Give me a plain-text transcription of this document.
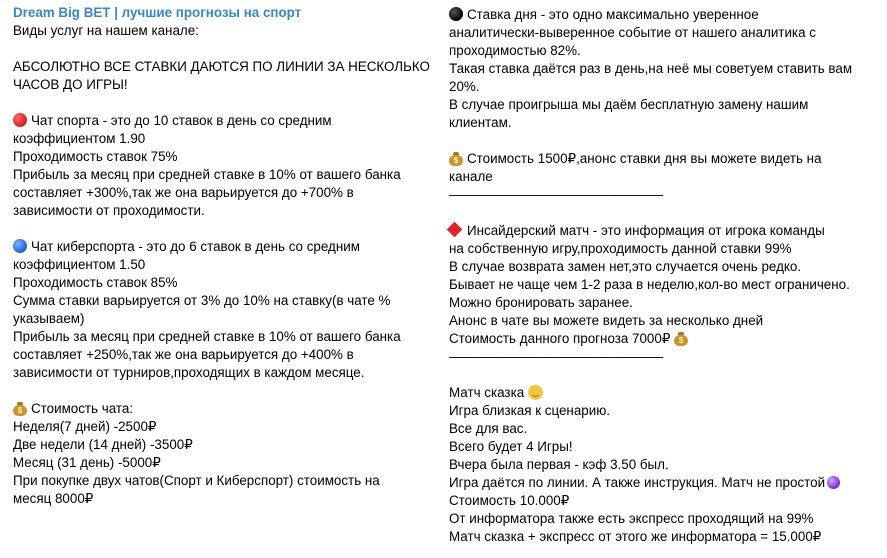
Dream Big BET | лучшие прогнозы на спорт
Виды услуг на нашем канале:
АБСОЛЮТНО ВСЕ СТАВКИ ДАЮТСЯ ПО ЛИНИИ ЗА НЕСКОЛЬКО
ЧАСОВ ДО ИГРЫ!
Чат спорта - это до 10 ставок в день со средним
коэффициентом 1.90
Проходимость ставок 75%
Прибыль за месяц при средней ставке в 10% от вашего банка
составляет +300%,так же она варьируется до +700% в
зависимости от проходимости.
Чат киберспорта - это до 6 ставок в день со средним
коэффициентом 1.50
Проходимость ставок 85%
Сумма ставки варьируется от 3% до 10% на ставку(в чате %
указываем)
Прибыль за месяц при средней ставке в 10% от вашего банка
составляет +250%,так же она варьируется до +400% в
зависимости от турниров,проходящих в каждом месяце.
$ Стоимость чата:
Неделя(7 дней) -2500₽
Две недели (14 дней) -3500₽
Месяц (31 день) -5000₽
При покупке двух чатов(Спорт и Киберспорт) стоимость на
месяц 8000₽
Ставка дня - это одно максимально уверенное
аналитически-выверенное событие от нашего аналитика с
проходимостью 82%.
Такая ставка даётся раз в день,на неё мы советуем ставить вам
20%.
В случае проигрыша мы даём бесплатную замену нашим
клиентам.
$ Стоимость 1500₽,анонс ставки дня вы можете видеть на
канале
————————————————
Инсайдерский матч - это информация от игрока команды
на собственную игру,проходимость данной ставки 99%
В случае возврата замен нет,это случается очень редко.
Бывает не чаще чем 1-2 раза в неделю,кол-во мест ограничено.
Можно бронировать заранее.
Анонс в чате вы можете видеть за несколько дней
Стоимость данного прогноза 7000₽	$
————————————————
Матч сказка
Игра близкая к сценарию.
Все для вас.
Всего будет 4 Игры!
Вчера была первая - кэф 3.50 был.
Игра даётся по линии. А также инструкция. Матч не простой
Стоимость 10.000₽
От информатора также есть экспресс проходящий на 99%
Матч сказка + экспресс от этого же информатора = 15.000₽
